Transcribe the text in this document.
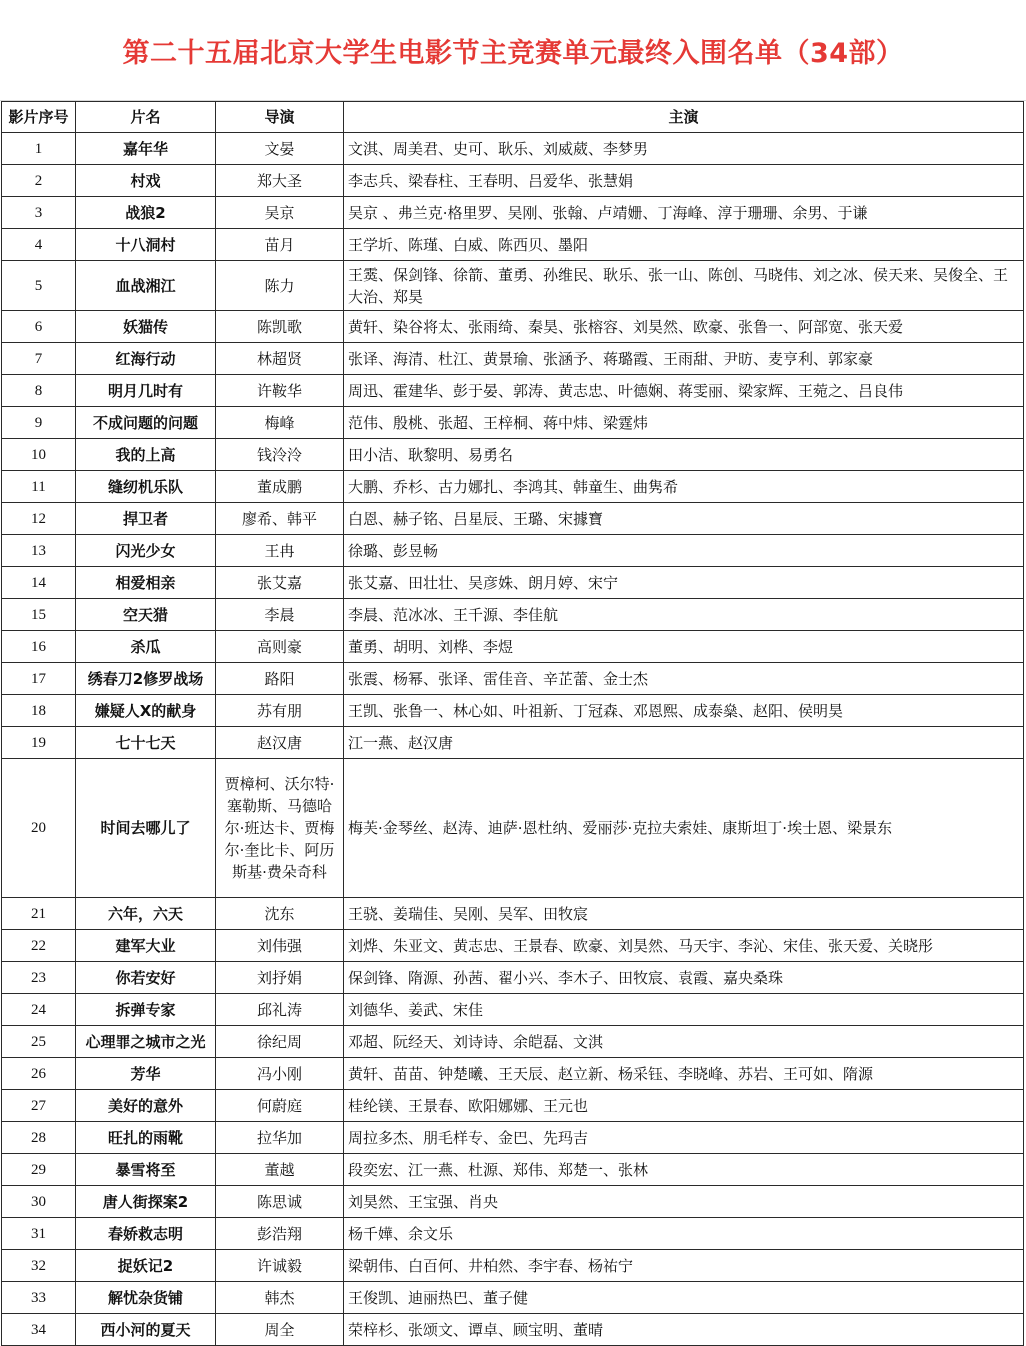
第二十五届北京大学生电影节主竞赛单元最终入围名单（34部）
影片序号	片名	导演	主演
1	嘉年华	文晏	文淇、周美君、史可、耿乐、刘威葳、李梦男
2	村戏	郑大圣	李志兵、梁春柱、王春明、吕爱华、张慧娟
3	战狼2	吴京	吴京 、弗兰克·格里罗、吴刚、张翰、卢靖姗、丁海峰、淳于珊珊、余男、于谦
4	十八洞村	苗月	王学圻、陈瑾、白威、陈西贝、墨阳
5	血战湘江	陈力	王霙、保剑锋、徐箭、董勇、孙维民、耿乐、张一山、陈创、马晓伟、刘之冰、侯天来、吴俊全、王大治、郑昊
6	妖猫传	陈凯歌	黄轩、染谷将太、张雨绮、秦昊、张榕容、刘昊然、欧豪、张鲁一、阿部宽、张天爱
7	红海行动	林超贤	张译、海清、杜江、黄景瑜、张涵予、蒋璐霞、王雨甜、尹昉、麦亨利、郭家豪
8	明月几时有	许鞍华	周迅、霍建华、彭于晏、郭涛、黄志忠、叶德娴、蒋雯丽、梁家辉、王菀之、吕良伟
9	不成问题的问题	梅峰	范伟、殷桃、张超、王梓桐、蒋中炜、梁霆炜
10	我的上高	钱泠泠	田小洁、耿黎明、易勇名
11	缝纫机乐队	董成鹏	大鹏、乔杉、古力娜扎、李鸿其、韩童生、曲隽希
12	捍卫者	廖希、韩平	白恩、赫子铭、吕星辰、王璐、宋據寶
13	闪光少女	王冉	徐璐、彭昱畅
14	相爱相亲	张艾嘉	张艾嘉、田壮壮、吴彦姝、朗月婷、宋宁
15	空天猎	李晨	李晨、范冰冰、王千源、李佳航
16	杀瓜	高则豪	董勇、胡明、刘桦、李煜
17	绣春刀2修罗战场	路阳	张震、杨幂、张译、雷佳音、辛芷蕾、金士杰
18	嫌疑人X的献身	苏有朋	王凯、张鲁一、林心如、叶祖新、丁冠森、邓恩熙、成泰燊、赵阳、侯明昊
19	七十七天	赵汉唐	江一燕、赵汉唐
20	时间去哪儿了	贾樟柯、沃尔特·塞勒斯、马德哈尔·班达卡、贾梅尔·奎比卡、阿历斯基·费朵奇科	梅芙·金琴丝、赵涛、迪萨·恩杜纳、爱丽莎·克拉夫索娃、康斯坦丁·埃士恩、梁景东
21	六年，六天	沈东	王骁、姜瑞佳、吴刚、吴军、田牧宸
22	建军大业	刘伟强	刘烨、朱亚文、黄志忠、王景春、欧豪、刘昊然、马天宇、李沁、宋佳、张天爱、关晓彤
23	你若安好	刘抒娟	保剑锋、隋源、孙茜、翟小兴、李木子、田牧宸、袁霞、嘉央桑珠
24	拆弹专家	邱礼涛	刘德华、姜武、宋佳
25	心理罪之城市之光	徐纪周	邓超、阮经天、刘诗诗、余皑磊、文淇
26	芳华	冯小刚	黄轩、苗苗、钟楚曦、王天辰、赵立新、杨采钰、李晓峰、苏岩、王可如、隋源
27	美好的意外	何蔚庭	桂纶镁、王景春、欧阳娜娜、王元也
28	旺扎的雨靴	拉华加	周拉多杰、朋毛样专、金巴、先玛吉
29	暴雪将至	董越	段奕宏、江一燕、杜源、郑伟、郑楚一、张林
30	唐人街探案2	陈思诚	刘昊然、王宝强、肖央
31	春娇救志明	彭浩翔	杨千嬅、余文乐
32	捉妖记2	许诚毅	梁朝伟、白百何、井柏然、李宇春、杨祐宁
33	解忧杂货铺	韩杰	王俊凯、迪丽热巴、董子健
34	西小河的夏天	周全	荣梓杉、张颂文、谭卓、顾宝明、董晴
